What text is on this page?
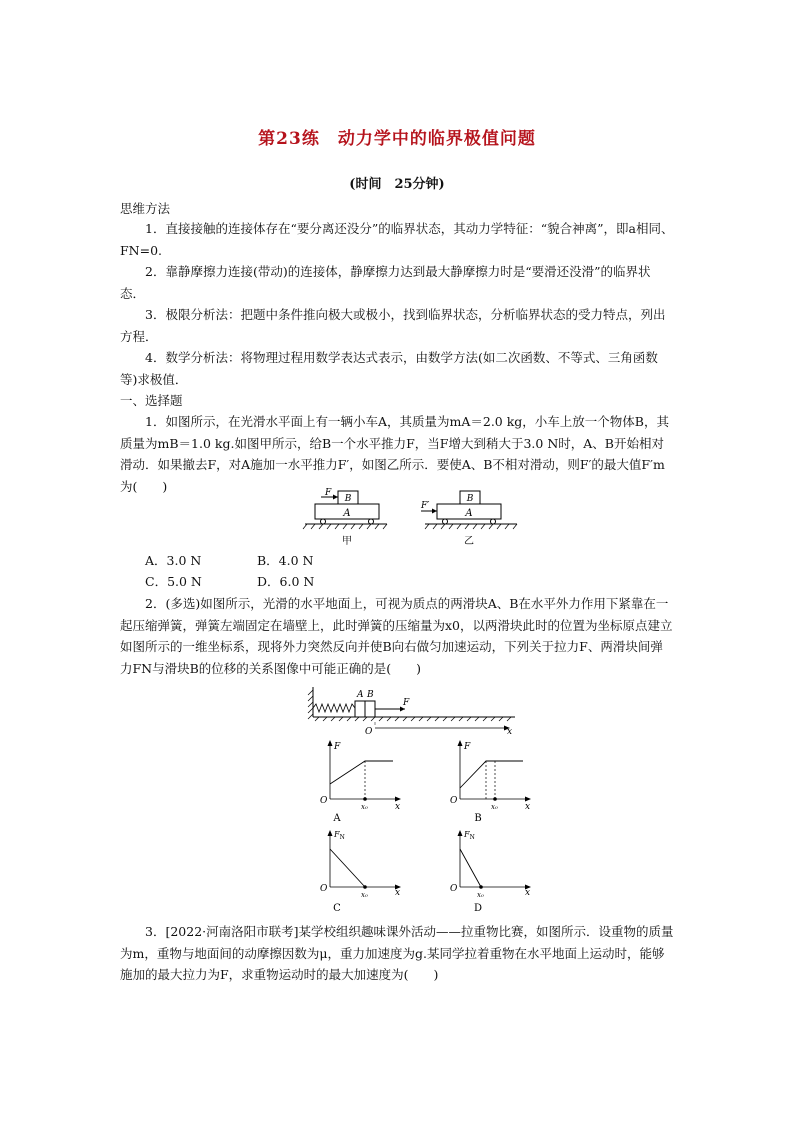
第23练　动力学中的临界极值问题
(时间　25分钟)
思维方法
1．直接接触的连接体存在“要分离还没分”的临界状态，其动力学特征：“貌合神离”，即a相同、FN=0.
2．靠静摩擦力连接(带动)的连接体，静摩擦力达到最大静摩擦力时是“要滑还没滑”的临界状态．
3．极限分析法：把题中条件推向极大或极小，找到临界状态，分析临界状态的受力特点，列出方程．
4．数学分析法：将物理过程用数学表达式表示，由数学方法(如二次函数、不等式、三角函数等)求极值．
一、选择题
1．如图所示，在光滑水平面上有一辆小车A，其质量为mA＝2.0 kg，小车上放一个物体B，其质量为mB＝1.0 kg.如图甲所示，给B一个水平推力F，当F增大到稍大于3.0 N时，A、B开始相对滑动．如果撤去F，对A施加一水平推力F′，如图乙所示．要使A、B不相对滑动，则F′的最大值F′m为(　　)
A
B
F
A
B
F′
甲	乙
A．3.0 N	B．4.0 N
C．5.0 N	D．6.0 N
2．(多选)如图所示，光滑的水平地面上，可视为质点的两滑块A、B在水平外力作用下紧靠在一起压缩弹簧，弹簧左端固定在墙壁上，此时弹簧的压缩量为x0，以两滑块此时的位置为坐标原点建立如图所示的一维坐标系，现将外力突然反向并使B向右做匀加速运动，下列关于拉力F、两滑块间弹力FN与滑块B的位移的关系图像中可能正确的是(　　)
A B
F
O	x
F
O
x
x₀
A
F
O
x
x₀
B
$F_N$
O	x
x₀
C
$F_N$
O	x
x₀
D
3．[2022·河南洛阳市联考]某学校组织趣味课外活动——拉重物比赛，如图所示．设重物的质量为m，重物与地面间的动摩擦因数为μ，重力加速度为g.某同学拉着重物在水平地面上运动时，能够施加的最大拉力为F，求重物运动时的最大加速度为(　　)
